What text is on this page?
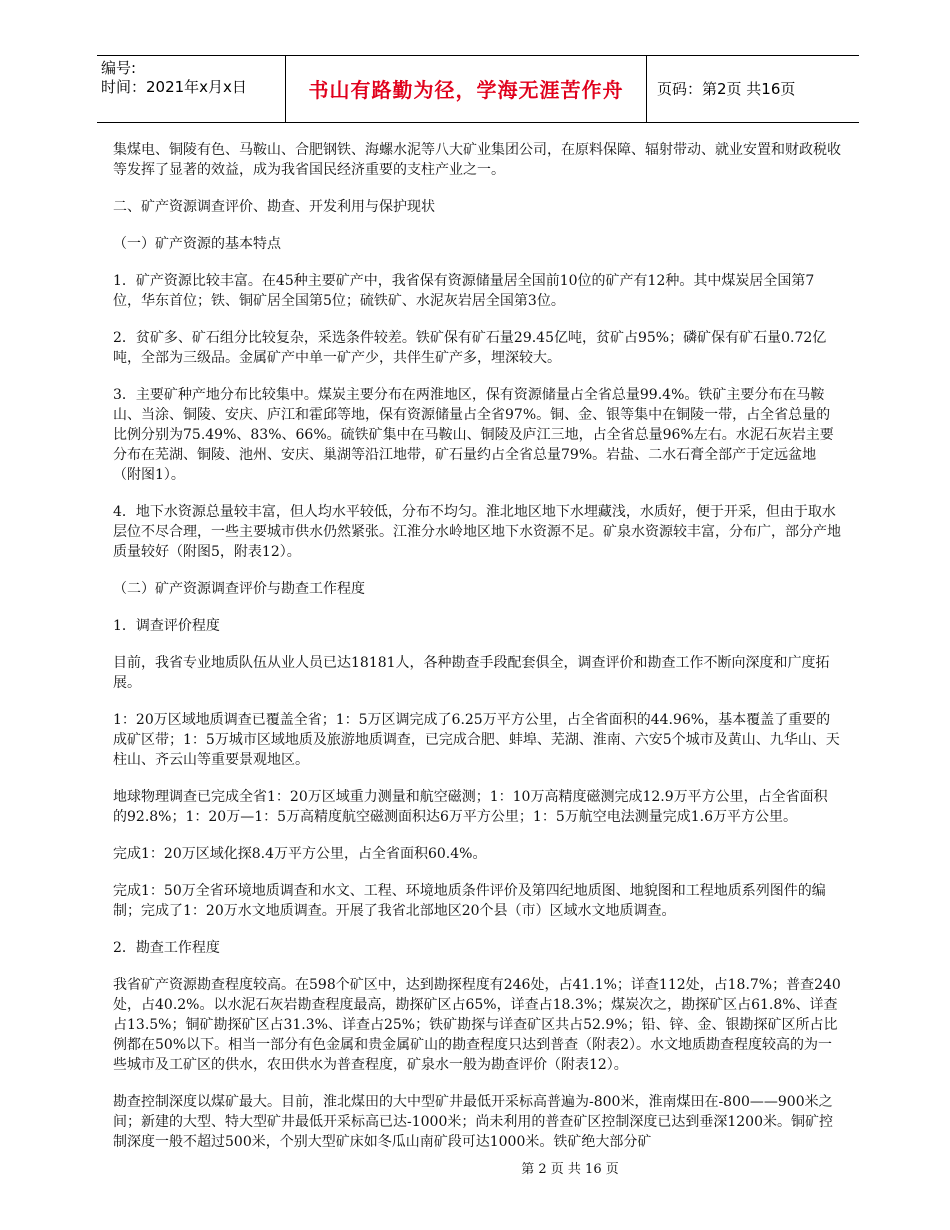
编号:
时间：2021年x月x日	书山有路勤为径，学海无涯苦作舟 页码：第2页 共16页

集煤电、铜陵有色、马鞍山、合肥钢铁、海螺水泥等八大矿业集团公司，在原料保障、辐射带动、就业安置和财政税收等发挥了显著的效益，成为我省国民经济重要的支柱产业之一。

二、矿产资源调查评价、勘查、开发利用与保护现状

（一）矿产资源的基本特点

1．矿产资源比较丰富。在45种主要矿产中，我省保有资源储量居全国前10位的矿产有12种。其中煤炭居全国第7位，华东首位；铁、铜矿居全国第5位；硫铁矿、水泥灰岩居全国第3位。

2．贫矿多、矿石组分比较复杂，采选条件较差。铁矿保有矿石量29.45亿吨，贫矿占95%；磷矿保有矿石量0.72亿吨，全部为三级品。金属矿产中单一矿产少，共伴生矿产多，埋深较大。

3．主要矿种产地分布比较集中。煤炭主要分布在两淮地区，保有资源储量占全省总量99.4%。铁矿主要分布在马鞍山、当涂、铜陵、安庆、庐江和霍邱等地，保有资源储量占全省97%。铜、金、银等集中在铜陵一带，占全省总量的比例分别为75.49%、83%、66%。硫铁矿集中在马鞍山、铜陵及庐江三地，占全省总量96%左右。水泥石灰岩主要分布在芜湖、铜陵、池州、安庆、巢湖等沿江地带，矿石量约占全省总量79%。岩盐、二水石膏全部产于定远盆地（附图1）。

4．地下水资源总量较丰富，但人均水平较低，分布不均匀。淮北地区地下水埋藏浅，水质好，便于开采，但由于取水层位不尽合理，一些主要城市供水仍然紧张。江淮分水岭地区地下水资源不足。矿泉水资源较丰富，分布广，部分产地质量较好（附图5，附表12）。

（二）矿产资源调查评价与勘查工作程度

1．调查评价程度

目前，我省专业地质队伍从业人员已达18181人，各种勘查手段配套俱全，调查评价和勘查工作不断向深度和广度拓展。

1：20万区域地质调查已覆盖全省；1：5万区调完成了6.25万平方公里，占全省面积的44.96%，基本覆盖了重要的成矿区带；1：5万城市区域地质及旅游地质调查，已完成合肥、蚌埠、芜湖、淮南、六安5个城市及黄山、九华山、天柱山、齐云山等重要景观地区。

地球物理调查已完成全省1：20万区域重力测量和航空磁测；1：10万高精度磁测完成12.9万平方公里，占全省面积的92.8%；1：20万—1：5万高精度航空磁测面积达6万平方公里；1：5万航空电法测量完成1.6万平方公里。

完成1：20万区域化探8.4万平方公里，占全省面积60.4%。

完成1：50万全省环境地质调查和水文、工程、环境地质条件评价及第四纪地质图、地貌图和工程地质系列图件的编制；完成了1：20万水文地质调查。开展了我省北部地区20个县（市）区域水文地质调查。

2．勘查工作程度

我省矿产资源勘查程度较高。在598个矿区中，达到勘探程度有246处，占41.1%；详查112处，占18.7%；普查240处，占40.2%。以水泥石灰岩勘查程度最高，勘探矿区占65%，详查占18.3%；煤炭次之，勘探矿区占61.8%、详查占13.5%；铜矿勘探矿区占31.3%、详查占25%；铁矿勘探与详查矿区共占52.9%；铅、锌、金、银勘探矿区所占比例都在50%以下。相当一部分有色金属和贵金属矿山的勘查程度只达到普查（附表2）。水文地质勘查程度较高的为一些城市及工矿区的供水，农田供水为普查程度，矿泉水一般为勘查评价（附表12）。

勘查控制深度以煤矿最大。目前，淮北煤田的大中型矿井最低开采标高普遍为-800米，淮南煤田在-800——900米之间；新建的大型、特大型矿井最低开采标高已达-1000米；尚未利用的普查矿区控制深度已达到垂深1200米。铜矿控制深度一般不超过500米，个别大型矿床如冬瓜山南矿段可达1000米。铁矿绝大部分矿

第 2 页 共 16 页
